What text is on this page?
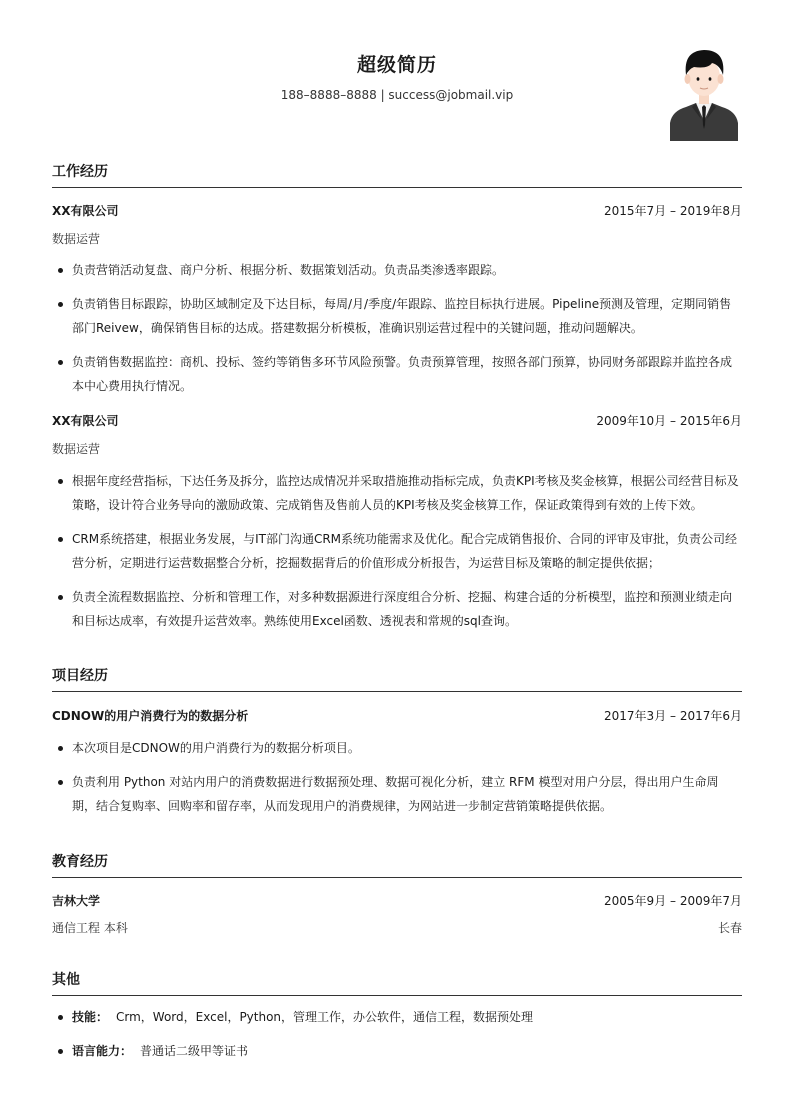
超级简历
188–8888–8888 | success@jobmail.vip
工作经历
XX有限公司	2015年7月 – 2019年8月
数据运营
负责营销活动复盘、商户分析、根据分析、数据策划活动。负责品类渗透率跟踪。
负责销售目标跟踪，协助区域制定及下达目标，每周/月/季度/年跟踪、监控目标执行进展。Pipeline预测及管理，定期同销售部门Reivew，确保销售目标的达成。搭建数据分析模板，准确识别运营过程中的关键问题，推动问题解决。
负责销售数据监控：商机、投标、签约等销售多环节风险预警。负责预算管理，按照各部门预算，协同财务部跟踪并监控各成本中心费用执行情况。
XX有限公司	2009年10月 – 2015年6月
数据运营
根据年度经营指标，下达任务及拆分，监控达成情况并采取措施推动指标完成，负责KPI考核及奖金核算，根据公司经营目标及策略，设计符合业务导向的激励政策、完成销售及售前人员的KPI考核及奖金核算工作，保证政策得到有效的上传下效。
CRM系统搭建，根据业务发展，与IT部门沟通CRM系统功能需求及优化。配合完成销售报价、合同的评审及审批，负责公司经营分析，定期进行运营数据整合分析，挖掘数据背后的价值形成分析报告，为运营目标及策略的制定提供依据；
负责全流程数据监控、分析和管理工作，对多种数据源进行深度组合分析、挖掘、构建合适的分析模型，监控和预测业绩走向和目标达成率，有效提升运营效率。熟练使用Excel函数、透视表和常规的sql查询。
项目经历
CDNOW的用户消费行为的数据分析	2017年3月 – 2017年6月
本次项目是CDNOW的用户消费行为的数据分析项目。
负责利用 Python 对站内用户的消费数据进行数据预处理、数据可视化分析，建立 RFM 模型对用户分层，得出用户生命周期，结合复购率、回购率和留存率，从而发现用户的消费规律，为网站进一步制定营销策略提供依据。
教育经历
吉林大学	2005年9月 – 2009年7月
通信工程 本科	长春
其他
技能： Crm，Word，Excel，Python，管理工作，办公软件，通信工程，数据预处理
语言能力： 普通话二级甲等证书
